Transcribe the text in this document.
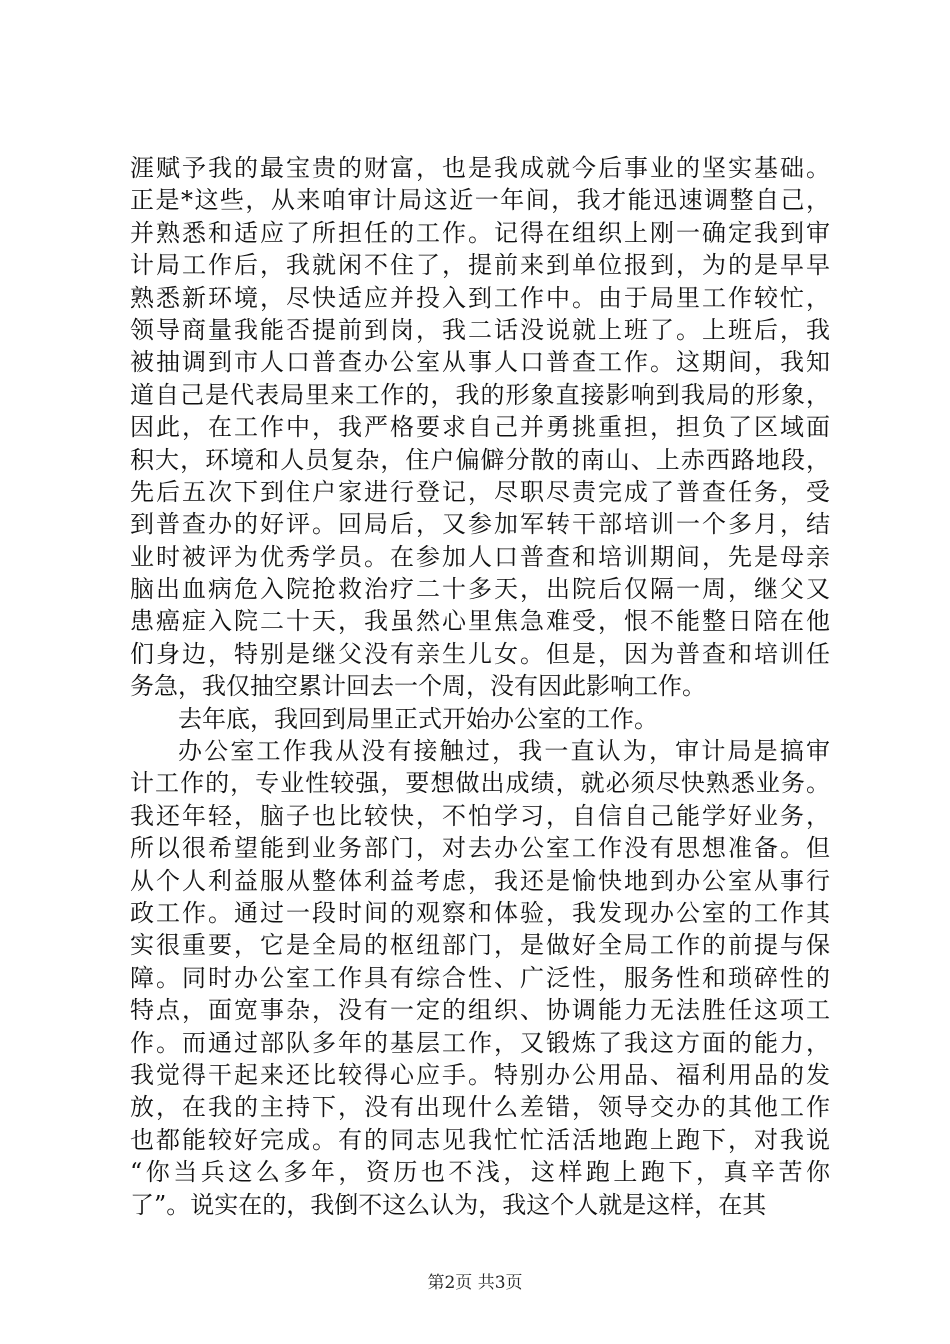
涯赋予我的最宝贵的财富，也是我成就今后事业的坚实基础。
正是*这些，从来咱审计局这近一年间，我才能迅速调整自己，
并熟悉和适应了所担任的工作。记得在组织上刚一确定我到审
计局工作后，我就闲不住了，提前来到单位报到，为的是早早
熟悉新环境，尽快适应并投入到工作中。由于局里工作较忙，
领导商量我能否提前到岗，我二话没说就上班了。上班后，我
被抽调到市人口普查办公室从事人口普查工作。这期间，我知
道自己是代表局里来工作的，我的形象直接影响到我局的形象，
因此，在工作中，我严格要求自己并勇挑重担，担负了区域面
积大，环境和人员复杂，住户偏僻分散的南山、上赤西路地段，
先后五次下到住户家进行登记，尽职尽责完成了普查任务，受
到普查办的好评。回局后，又参加军转干部培训一个多月，结
业时被评为优秀学员。在参加人口普查和培训期间，先是母亲
脑出血病危入院抢救治疗二十多天，出院后仅隔一周，继父又
患癌症入院二十天，我虽然心里焦急难受，恨不能整日陪在他
们身边，特别是继父没有亲生儿女。但是，因为普查和培训任
务急，我仅抽空累计回去一个周，没有因此影响工作。
去年底，我回到局里正式开始办公室的工作。
办公室工作我从没有接触过，我一直认为，审计局是搞审
计工作的，专业性较强，要想做出成绩，就必须尽快熟悉业务。
我还年轻，脑子也比较快，不怕学习，自信自己能学好业务，
所以很希望能到业务部门，对去办公室工作没有思想准备。但
从个人利益服从整体利益考虑，我还是愉快地到办公室从事行
政工作。通过一段时间的观察和体验，我发现办公室的工作其
实很重要，它是全局的枢纽部门，是做好全局工作的前提与保
障。同时办公室工作具有综合性、广泛性，服务性和琐碎性的
特点，面宽事杂，没有一定的组织、协调能力无法胜任这项工
作。而通过部队多年的基层工作，又锻炼了我这方面的能力，
我觉得干起来还比较得心应手。特别办公用品、福利用品的发
放，在我的主持下，没有出现什么差错，领导交办的其他工作
也都能较好完成。有的同志见我忙忙活活地跑上跑下，对我说
“你当兵这么多年，资历也不浅，这样跑上跑下，真辛苦你
了”。说实在的，我倒不这么认为，我这个人就是这样，在其
第2页 共3页
